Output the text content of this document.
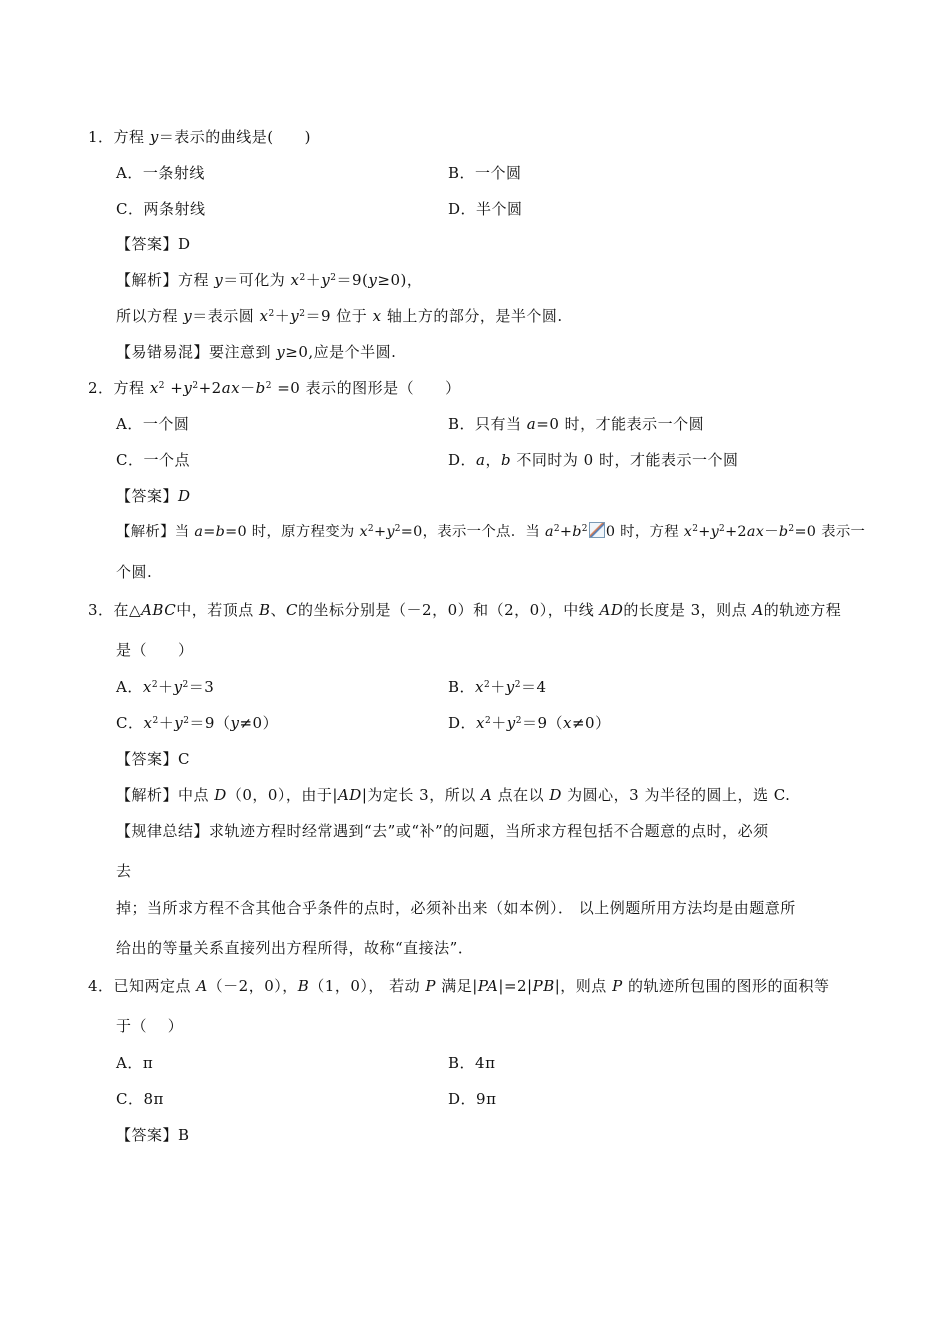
1．方程 y＝表示的曲线是(　　)
A．一条射线	B．一个圆
C．两条射线	D．半个圆
【答案】D
【解析】方程 y＝可化为 $x^2+y^2=9(y\ge 0)$，
所以方程 y＝表示圆 $x^2+y^2=9$ 位于 x 轴上方的部分，是半个圆.
【易错易混】要注意到 y≥0,应是个半圆.
2．方程 $x^2 +y^2+2ax-b^2 =0$ 表示的图形是（　　）
A．一个圆	B．只有当 a=0 时，才能表示一个圆
C．一个点	D．a，b 不同时为 0 时，才能表示一个圆
【答案】D
【解析】当 a=b=0 时，原方程变为 $x^2+y^2=0$，表示一个点．当 $a^2+b^2$ 0 时，方程 $x^2+y^2+2ax-b^2=0$ 表示一
个圆.
3．在△ABC中，若顶点 B、C的坐标分别是（－2，0）和（2，0），中线 AD的长度是 3，则点 A的轨迹方程
是（　　）
A．$x^2+y^2=3$	B．$x^2+y^2=4$
C．$x^2+y^2=9(y\ne 0)$	D．$x^2+y^2=9(x\ne 0)$
【答案】C
【解析】中点 D（0，0），由于|AD|为定长 3，所以 A 点在以 D 为圆心，3 为半径的圆上，选 C.
【规律总结】求轨迹方程时经常遇到“去”或“补”的问题，当所求方程包括不合题意的点时，必须
去
掉；当所求方程不含其他合乎条件的点时，必须补出来（如本例）． 以上例题所用方法均是由题意所
给出的等量关系直接列出方程所得，故称“直接法”．
4．已知两定点 A（－2，0），B（1，0）， 若动 P 满足|PA|=2|PB|，则点 P 的轨迹所包围的图形的面积等
于（　 ）
A．π	B．4π
C．8π	D．9π
【答案】B
